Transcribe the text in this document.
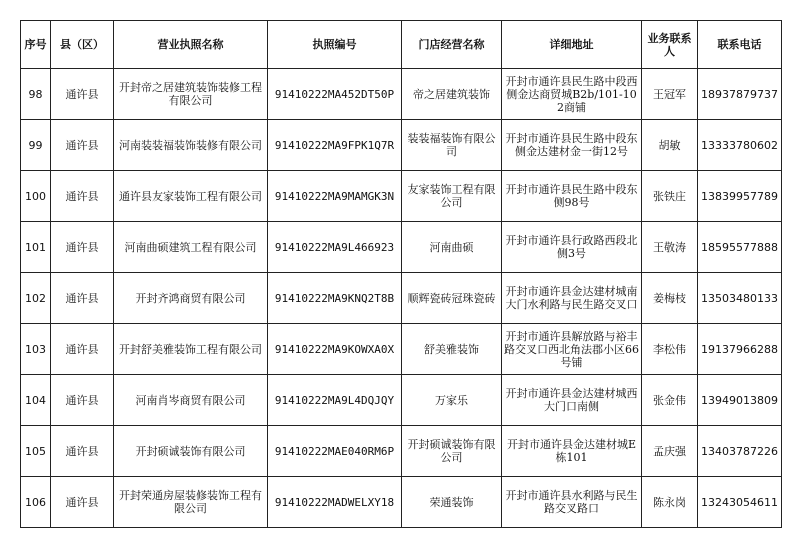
序号	县（区）	营业执照名称	执照编号	门店经营名称	详细地址	业务联系人	联系电话
98	通许县	开封帝之居建筑装饰装修工程有限公司	91410222MA452DT50P	帝之居建筑装饰	开封市通许县民生路中段西侧金达商贸城B2b/101-102商铺	王冠军	18937879737
99	通许县	河南装装福装饰装修有限公司	91410222MA9FPK1Q7R	装装福装饰有限公司	开封市通许县民生路中段东侧金达建材金一街12号	胡敏	13333780602
100	通许县	通许县友家装饰工程有限公司	91410222MA9MAMGK3N	友家装饰工程有限公司	开封市通许县民生路中段东侧98号	张铁庄	13839957789
101	通许县	河南曲硕建筑工程有限公司	91410222MA9L466923	河南曲硕	开封市通许县行政路西段北侧3号	王敬涛	18595577888
102	通许县	开封齐鸿商贸有限公司	91410222MA9KNQ2T8B	顺辉瓷砖冠珠瓷砖	开封市通许县金达建材城南大门水利路与民生路交叉口	姜梅枝	13503480133
103	通许县	开封舒美雅装饰工程有限公司	91410222MA9KOWXA0X	舒美雅装饰	开封市通许县解放路与裕丰路交叉口西北角法郡小区66号铺	李松伟	19137966288
104	通许县	河南肖岑商贸有限公司	91410222MA9L4DQJQY	万家乐	开封市通许县金达建材城西大门口南侧	张金伟	13949013809
105	通许县	开封硕诚装饰有限公司	91410222MAE040RM6P	开封硕诚装饰有限公司	开封市通许县金达建材城E栋101	孟庆强	13403787226
106	通许县	开封荣通房屋装修装饰工程有限公司	91410222MADWELXY18	荣通装饰	开封市通许县水利路与民生路交叉路口	陈永岗	13243054611
